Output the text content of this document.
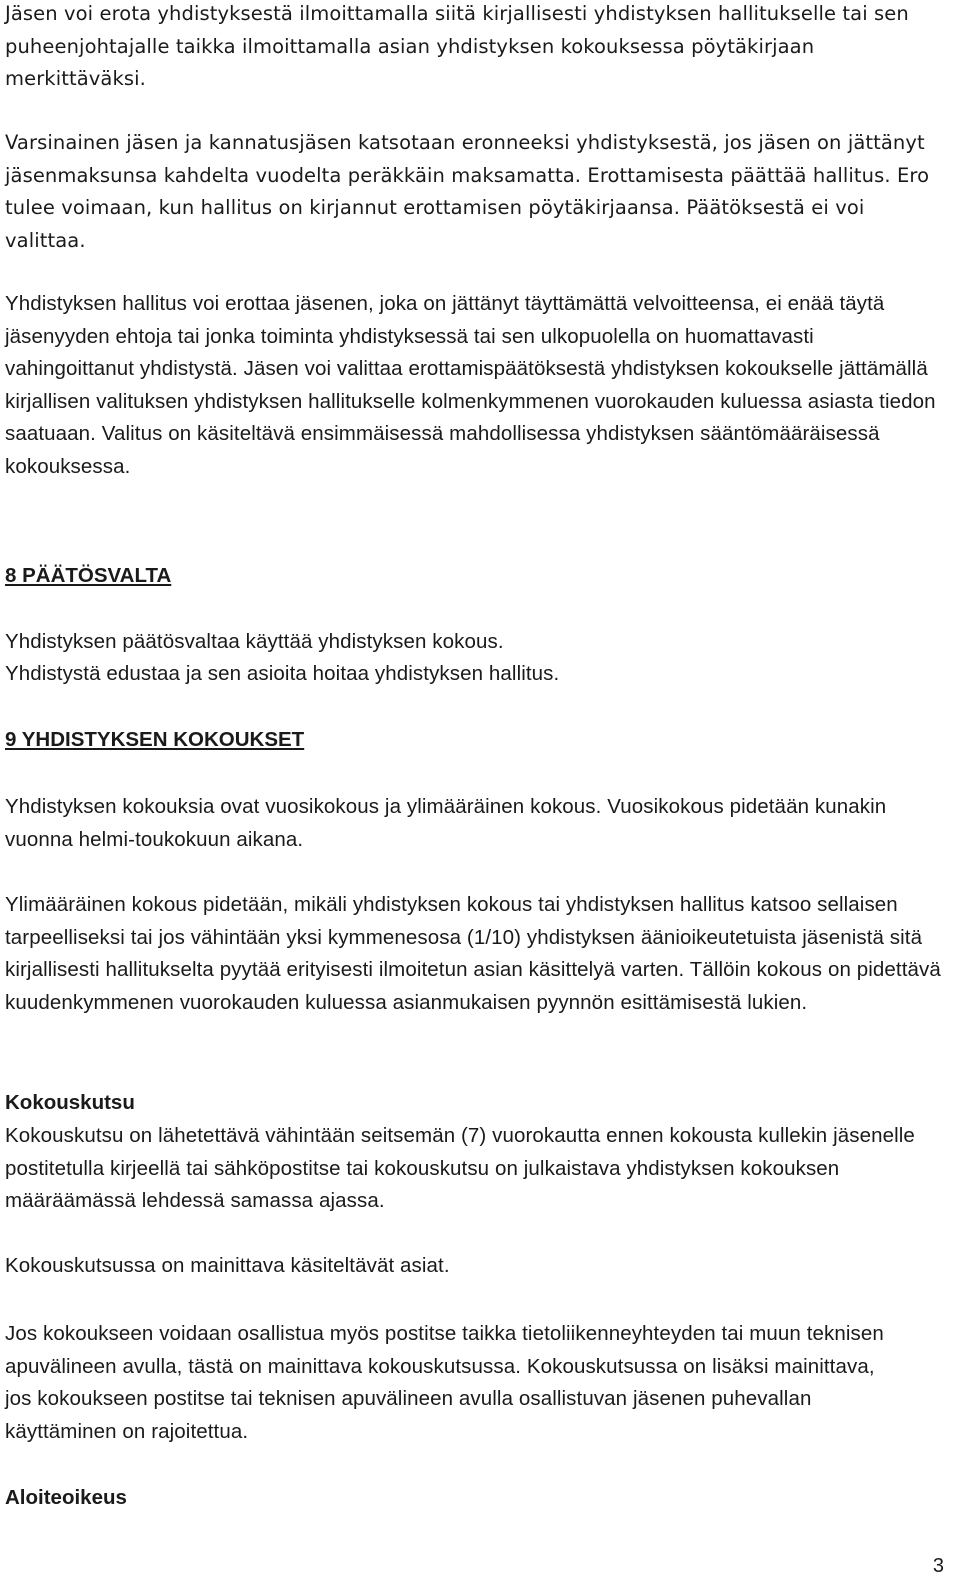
Jäsen voi erota yhdistyksestä ilmoittamalla siitä kirjallisesti yhdistyksen hallitukselle tai sen puheenjohtajalle taikka ilmoittamalla asian yhdistyksen kokouksessa pöytäkirjaan merkittäväksi.

Varsinainen jäsen ja kannatusjäsen katsotaan eronneeksi yhdistyksestä, jos jäsen on jättänyt jäsenmaksunsa kahdelta vuodelta peräkkäin maksamatta. Erottamisesta päättää hallitus. Ero tulee voimaan, kun hallitus on kirjannut erottamisen pöytäkirjaansa. Päätöksestä ei voi valittaa.

Yhdistyksen hallitus voi erottaa jäsenen, joka on jättänyt täyttämättä velvoitteensa, ei enää täytä jäsenyyden ehtoja tai jonka toiminta yhdistyksessä tai sen ulkopuolella on huomattavasti vahingoittanut yhdistystä. Jäsen voi valittaa erottamispäätöksestä yhdistyksen kokoukselle jättämällä kirjallisen valituksen yhdistyksen hallitukselle kolmenkymmenen vuorokauden kuluessa asiasta tiedon saatuaan. Valitus on käsiteltävä ensimmäisessä mahdollisessa yhdistyksen sääntömääräisessä kokouksessa.

8 PÄÄTÖSVALTA

Yhdistyksen päätösvaltaa käyttää yhdistyksen kokous.

Yhdistystä edustaa ja sen asioita hoitaa yhdistyksen hallitus.

9 YHDISTYKSEN KOKOUKSET

Yhdistyksen kokouksia ovat vuosikokous ja ylimääräinen kokous. Vuosikokous pidetään kunakin vuonna helmi-toukokuun aikana.

Ylimääräinen kokous pidetään, mikäli yhdistyksen kokous tai yhdistyksen hallitus katsoo sellaisen tarpeelliseksi tai jos vähintään yksi kymmenesosa (1/10) yhdistyksen äänioikeutetuista jäsenistä sitä kirjallisesti hallitukselta pyytää erityisesti ilmoitetun asian käsittelyä varten. Tällöin kokous on pidettävä kuudenkymmenen vuorokauden kuluessa asianmukaisen pyynnön esittämisestä lukien.

Kokouskutsu

Kokouskutsu on lähetettävä vähintään seitsemän (7) vuorokautta ennen kokousta kullekin jäsenelle postitetulla kirjeellä tai sähköpostitse tai kokouskutsu on julkaistava yhdistyksen kokouksen määräämässä lehdessä samassa ajassa.

Kokouskutsussa on mainittava käsiteltävät asiat.

Jos kokoukseen voidaan osallistua myös postitse taikka tietoliikenneyhteyden tai muun teknisen apuvälineen avulla, tästä on mainittava kokouskutsussa. Kokouskutsussa on lisäksi mainittava, jos kokoukseen postitse tai teknisen apuvälineen avulla osallistuvan jäsenen puhevallan käyttäminen on rajoitettua.

Aloiteoikeus
3
